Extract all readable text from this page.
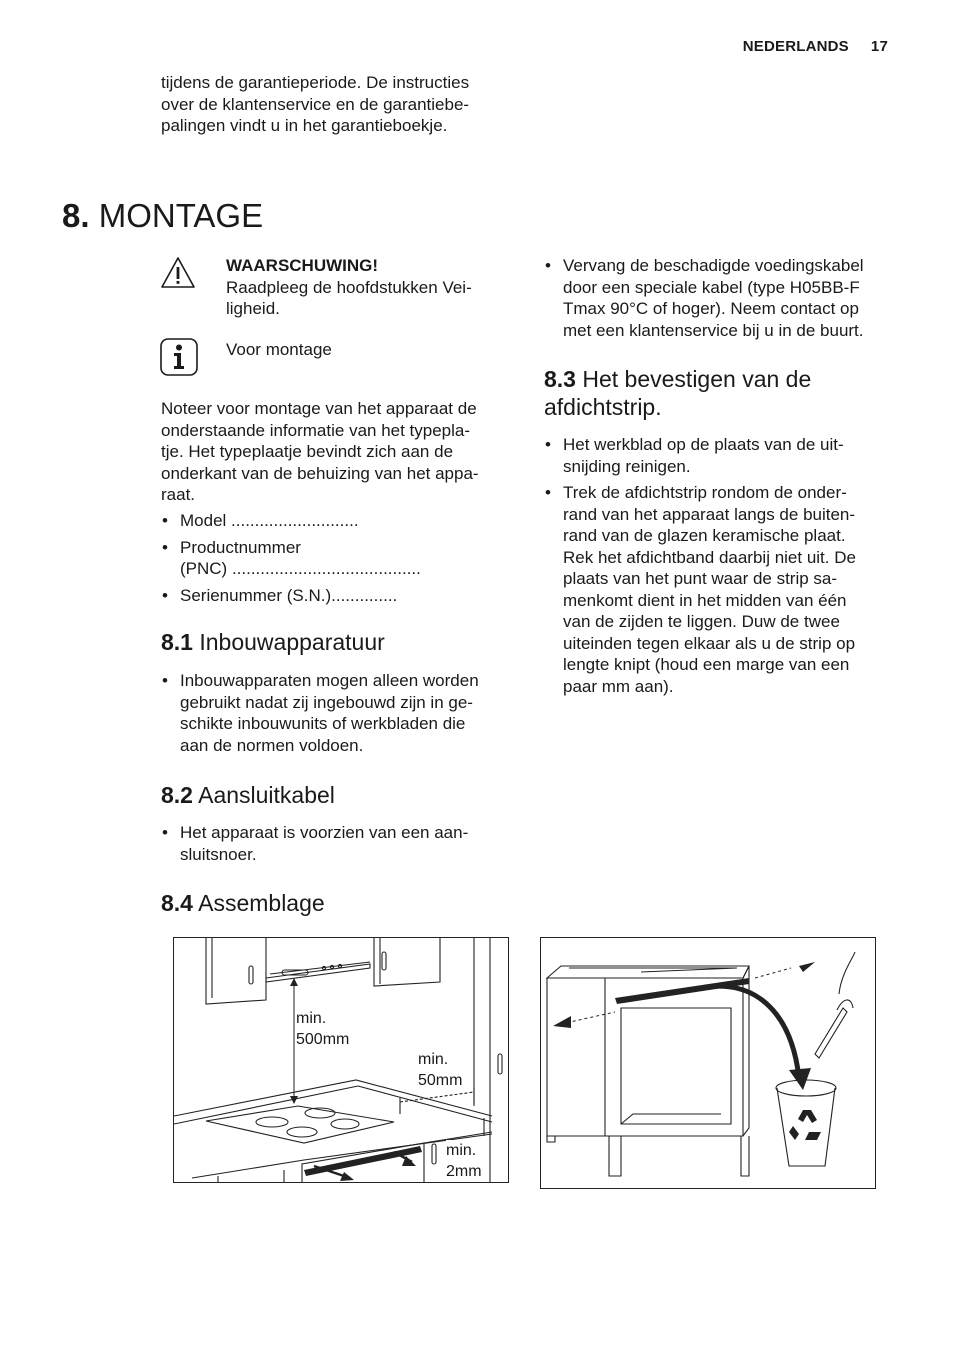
NEDERLANDS 17

tijdens de garantieperiode. De instructies

over de klantenservice en de garantiebe-

palingen vindt u in het garantieboekje.

8. MONTAGE

WAARSCHUWING!

Raadpleeg de hoofdstukken Vei-

ligheid.

Voor montage

Noteer voor montage van het apparaat de

onderstaande informatie van het typepla-

tje. Het typeplaatje bevindt zich aan de

onderkant van de behuizing van het appa-

raat.

• Model ...........................
• Productnummer
(PNC) ........................................
• Serienummer (S.N.)..............
8.1 Inbouwapparatuur
• Inbouwapparaten mogen alleen worden
gebruikt nadat zij ingebouwd zijn in ge-
schikte inbouwunits of werkbladen die
aan de normen voldoen.
8.2 Aansluitkabel
• Het apparaat is voorzien van een aan-
sluitsnoer.
• Vervang de beschadigde voedingskabel
door een speciale kabel (type H05BB-F
Tmax 90°C of hoger). Neem contact op
met een klantenservice bij u in de buurt.
8.3 Het bevestigen van de
afdichtstrip.
• Het werkblad op de plaats van de uit-
snijding reinigen.
• Trek de afdichtstrip rondom de onder-
rand van het apparaat langs de buiten-
rand van de glazen keramische plaat.
Rek het afdichtband daarbij niet uit. De
plaats van het punt waar de strip sa-
menkomt dient in het midden van één
van de zijden te liggen. Duw de twee
uiteinden tegen elkaar als u de strip op
lengte knipt (houd een marge van een
paar mm aan).
8.4 Assemblage
min.
500mm
min.
50mm
min.
2mm
